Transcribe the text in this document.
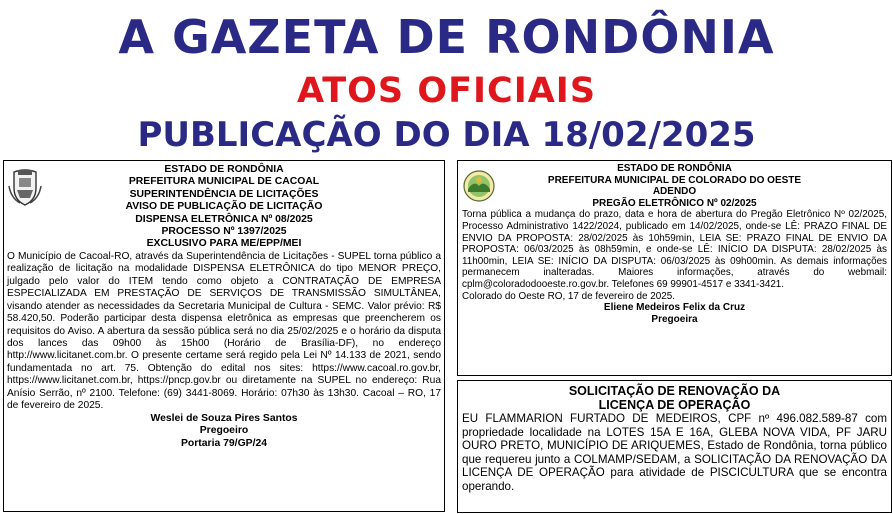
A GAZETA DE RONDÔNIA
ATOS OFICIAIS
PUBLICAÇÃO DO DIA 18/02/2025
ESTADO DE RONDÔNIA
PREFEITURA MUNICIPAL DE CACOAL
SUPERINTENDÊNCIA DE LICITAÇÕES
AVISO DE PUBLICAÇÃO DE LICITAÇÃO
DISPENSA ELETRÔNICA Nº 08/2025
PROCESSO Nº 1397/2025
EXCLUSIVO PARA ME/EPP/MEI
O Município de Cacoal-RO, através da Superintendência de Licitações - SUPEL torna público a realização de licitação na modalidade DISPENSA ELETRÔNICA do tipo MENOR PREÇO, julgado pelo valor do ITEM tendo como objeto a CONTRATAÇÃO DE EMPRESA ESPECIALIZADA EM PRESTAÇÃO DE SERVIÇOS DE TRANSMISSÃO SIMULTÂNEA, visando atender as necessidades da Secretaria Municipal de Cultura - SEMC. Valor prévio: R$ 58.420,50. Poderão participar desta dispensa eletrônica as empresas que preencherem os requisitos do Aviso. A abertura da sessão pública será no dia 25/02/2025 e o horário da disputa dos lances das 09h00 às 15h00 (Horário de Brasília-DF), no endereço http://www.licitanet.com.br. O presente certame será regido pela Lei Nº 14.133 de 2021, sendo fundamentada no art. 75. Obtenção do edital nos sites: https://www.cacoal.ro.gov.br, https://www.licitanet.com.br, https://pncp.gov.br ou diretamente na SUPEL no endereço: Rua Anísio Serrão, nº 2100. Telefone: (69) 3441-8069. Horário: 07h30 às 13h30. Cacoal – RO, 17 de fevereiro de 2025.
Weslei de Souza Pires Santos
Pregoeiro
Portaria 79/GP/24
ESTADO DE RONDÔNIA
PREFEITURA MUNICIPAL DE COLORADO DO OESTE
ADENDO
PREGÃO ELETRÔNICO Nº 02/2025
Torna pública a mudança do prazo, data e hora de abertura do Pregão Eletrônico Nº 02/2025, Processo Administrativo 1422/2024, publicado em 14/02/2025, onde-se LÊ: PRAZO FINAL DE ENVIO DA PROPOSTA: 28/02/2025 às 10h59min, LEIA SE: PRAZO FINAL DE ENVIO DA PROPOSTA: 06/03/2025 às 08h59min, e onde-se LÊ: INÍCIO DA DISPUTA: 28/02/2025 às 11h00min, LEIA SE: INÍCIO DA DISPUTA: 06/03/2025 às 09h00min. As demais informações permanecem inalteradas. Maiores informações, através do webmail: cplm@coloradodooeste.ro.gov.br. Telefones 69 99901-4517 e 3341-3421.
Colorado do Oeste RO, 17 de fevereiro de 2025.
Eliene Medeiros Felix da Cruz
Pregoeira
SOLICITAÇÃO DE RENOVAÇÃO DA
LICENÇA DE OPERAÇÃO
EU FLAMMARION FURTADO DE MEDEIROS, CPF nº 496.082.589-87 com propriedade localidade na LOTES 15A E 16A, GLEBA NOVA VIDA, PF JARU OURO PRETO, MUNICÍPIO DE ARIQUEMES, Estado de Rondônia, torna público que requereu junto a COLMAMP/SEDAM, a SOLICITAÇÃO DA RENOVAÇÃO DA LICENÇA DE OPERAÇÃO para atividade de PISCICULTURA que se encontra operando.
